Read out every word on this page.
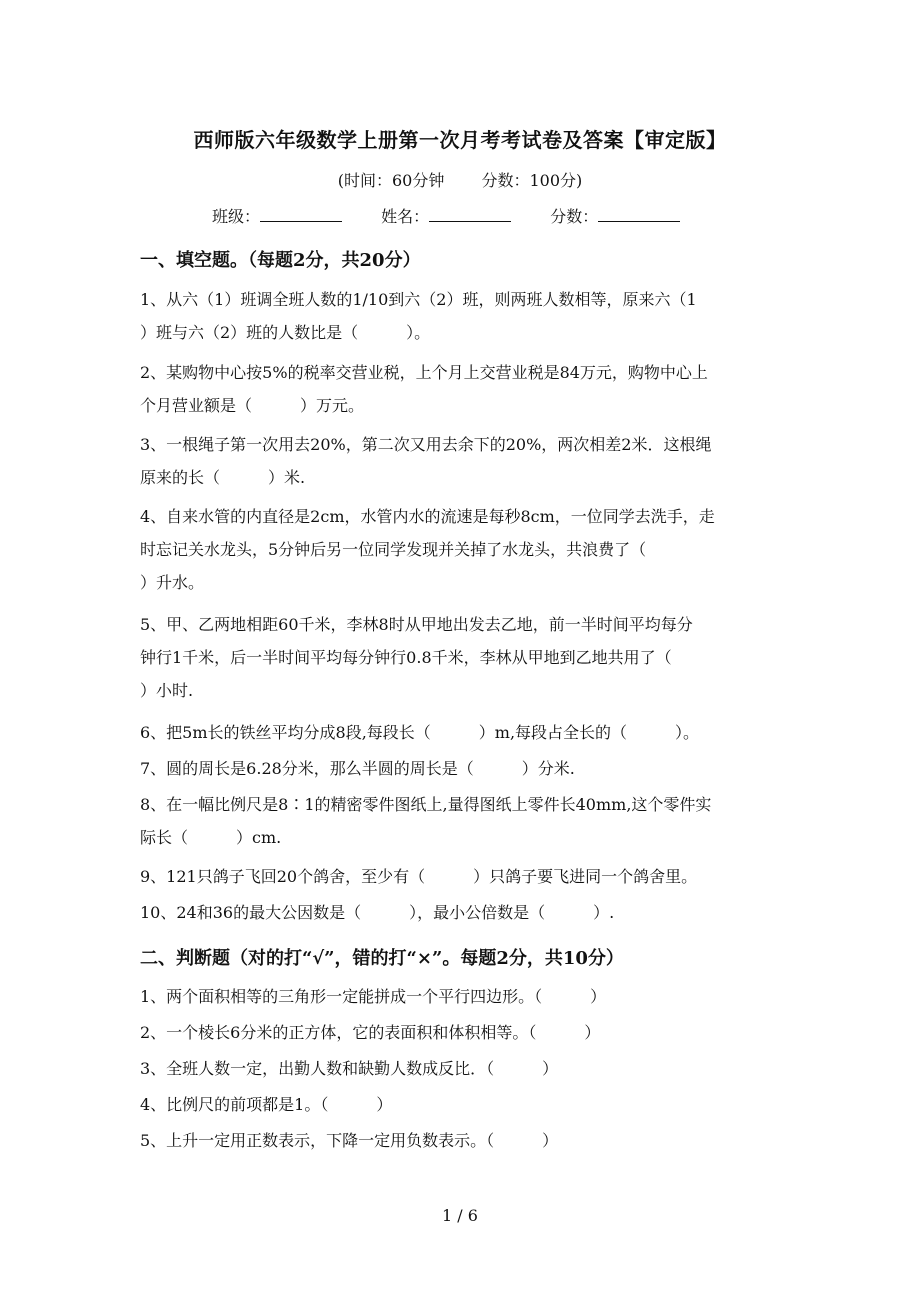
西师版六年级数学上册第一次月考考试卷及答案【审定版】
(时间：60分钟 分数：100分)
班级：	姓名：	分数：
一、填空题。（每题2分，共20分）
1、从六（1）班调全班人数的1/10到六（2）班，则两班人数相等，原来六（1
）班与六（2）班的人数比是（　　　）。
2、某购物中心按5%的税率交营业税，上个月上交营业税是84万元，购物中心上
个月营业额是（　　　）万元。
3、一根绳子第一次用去20%，第二次又用去余下的20%，两次相差2米．这根绳
原来的长（　　　）米.
4、自来水管的内直径是2cm，水管内水的流速是每秒8cm，一位同学去洗手，走
时忘记关水龙头，5分钟后另一位同学发现并关掉了水龙头，共浪费了（
）升水。
5、甲、乙两地相距60千米，李林8时从甲地出发去乙地，前一半时间平均每分
钟行1千米，后一半时间平均每分钟行0.8千米，李林从甲地到乙地共用了（
）小时.
6、把5m长的铁丝平均分成8段,每段长（　　　）m,每段占全长的（　　　）。
7、圆的周长是6.28分米，那么半圆的周长是（　　　）分米.
8、在一幅比例尺是8∶1的精密零件图纸上,量得图纸上零件长40mm,这个零件实
际长（　　　）cm.
9、121只鸽子飞回20个鸽舍，至少有（　　　）只鸽子要飞进同一个鸽舍里。
10、24和36的最大公因数是（　　　），最小公倍数是（　　　）.
二、判断题（对的打“√”，错的打“×”。每题2分，共10分）
1、两个面积相等的三角形一定能拼成一个平行四边形。（　　　）
2、一个棱长6分米的正方体，它的表面积和体积相等。（　　　）
3、全班人数一定，出勤人数和缺勤人数成反比．（　　　）
4、比例尺的前项都是1。（　　　）
5、上升一定用正数表示，下降一定用负数表示。（　　　）
1 / 6
